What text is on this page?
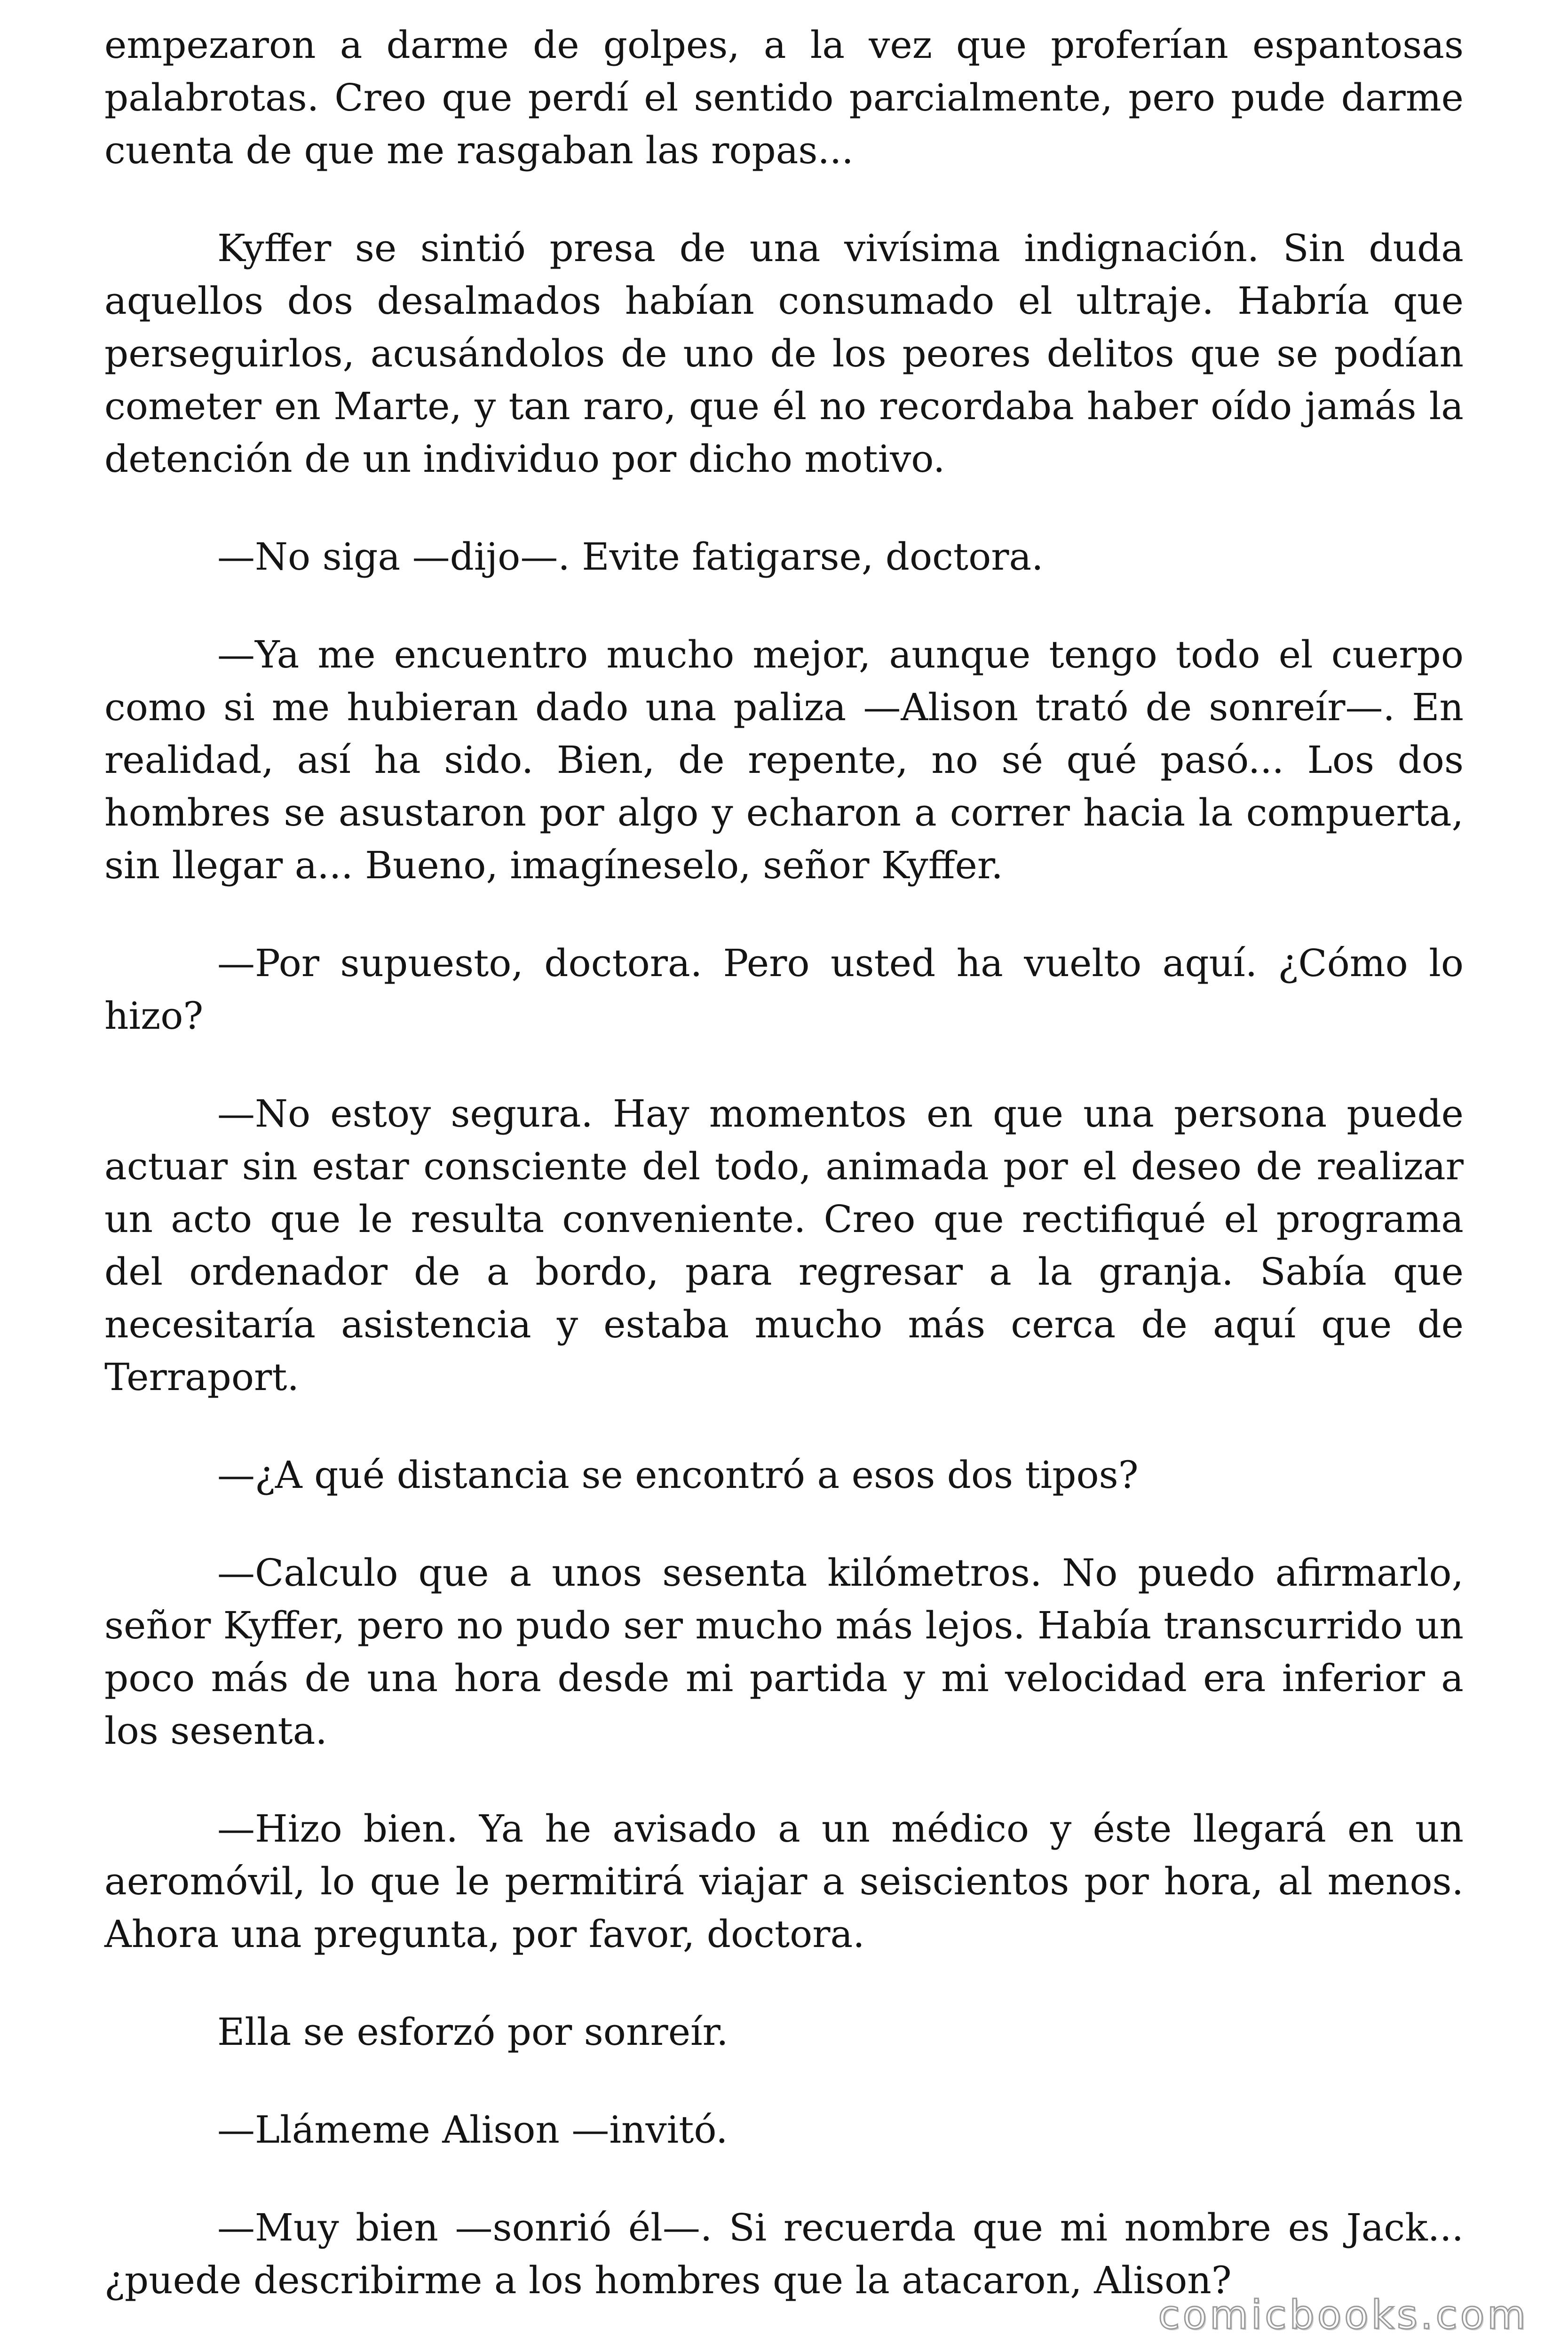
empezaron a darme de golpes, a la vez que proferían espantosas palabrotas. Creo que perdí el sentido parcialmente, pero pude darme cuenta de que me rasgaban las ropas...

Kyffer se sintió presa de una vivísima indignación. Sin duda aquellos dos desalmados habían consumado el ultraje. Habría que perseguirlos, acusándolos de uno de los peores delitos que se podían cometer en Marte, y tan raro, que él no recordaba haber oído jamás la detención de un individuo por dicho motivo.

—No siga —dijo—. Evite fatigarse, doctora.

—Ya me encuentro mucho mejor, aunque tengo todo el cuerpo como si me hubieran dado una paliza —Alison trató de sonreír—. En realidad, así ha sido. Bien, de repente, no sé qué pasó... Los dos hombres se asustaron por algo y echaron a correr hacia la compuerta, sin llegar a... Bueno, imagíneselo, señor Kyffer.

—Por supuesto, doctora. Pero usted ha vuelto aquí. ¿Cómo lo hizo?

—No estoy segura. Hay momentos en que una persona puede actuar sin estar consciente del todo, animada por el deseo de realizar un acto que le resulta conveniente. Creo que rectifiqué el programa del ordenador de a bordo, para regresar a la granja. Sabía que necesitaría asistencia y estaba mucho más cerca de aquí que de Terraport.

—¿A qué distancia se encontró a esos dos tipos?

—Calculo que a unos sesenta kilómetros. No puedo afirmarlo, señor Kyffer, pero no pudo ser mucho más lejos. Había transcurrido un poco más de una hora desde mi partida y mi velocidad era inferior a los sesenta.

—Hizo bien. Ya he avisado a un médico y éste llegará en un aeromóvil, lo que le permitirá viajar a seiscientos por hora, al menos. Ahora una pregunta, por favor, doctora.

Ella se esforzó por sonreír.

—Llámeme Alison —invitó.

—Muy bien —sonrió él—. Si recuerda que mi nombre es Jack... ¿puede describirme a los hombres que la atacaron, Alison?

comicbooks.com
